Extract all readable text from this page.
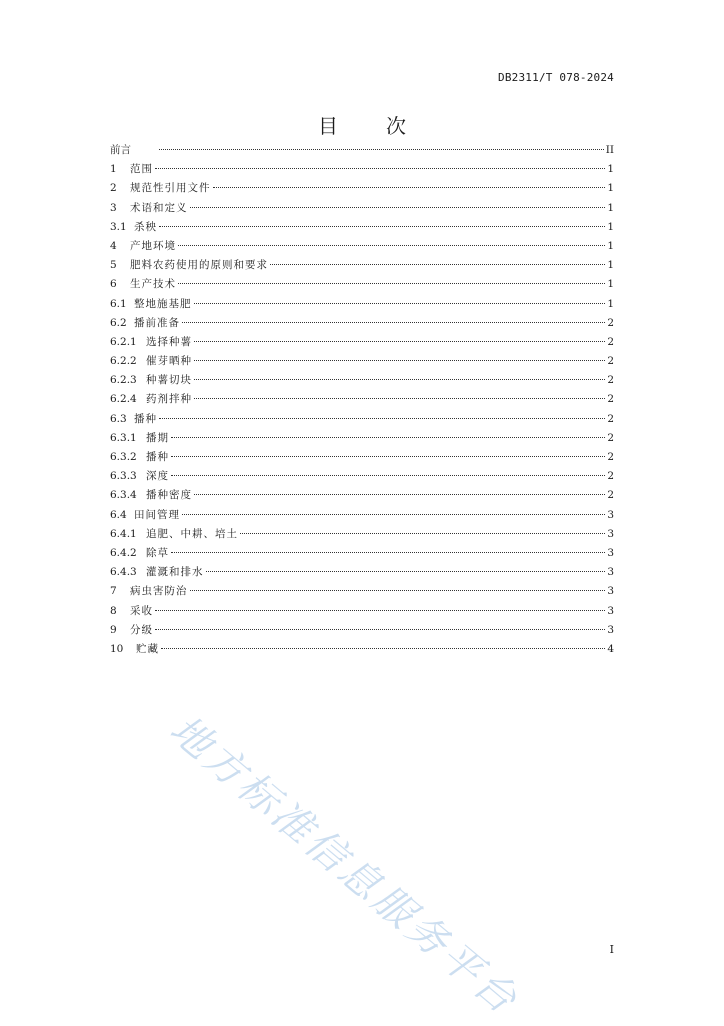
DB2311/T 078-2024
目　次
前 言	II
1	范围	1
2	规范性引用文件	1
3	术语和定义	1
3.1 杀秧	1
4	产地环境	1
5	肥料农药使用的原则和要求	1
6	生产技术	1
6.1 整地施基肥	1
6.2 播前准备	2
6.2.1 选择种薯	2
6.2.2 催芽晒种	2
6.2.3 种薯切块	2
6.2.4 药剂拌种	2
6.3 播种	2
6.3.1 播期	2
6.3.2 播种	2
6.3.3 深度	2
6.3.4 播种密度	2
6.4 田间管理	3
6.4.1 追肥、中耕、培土	3
6.4.2 除草	3
6.4.3 灌溉和排水	3
7	病虫害防治	3
8	采收	3
9	分级	3
10	贮藏	4
地方标准信息服务平台	I
